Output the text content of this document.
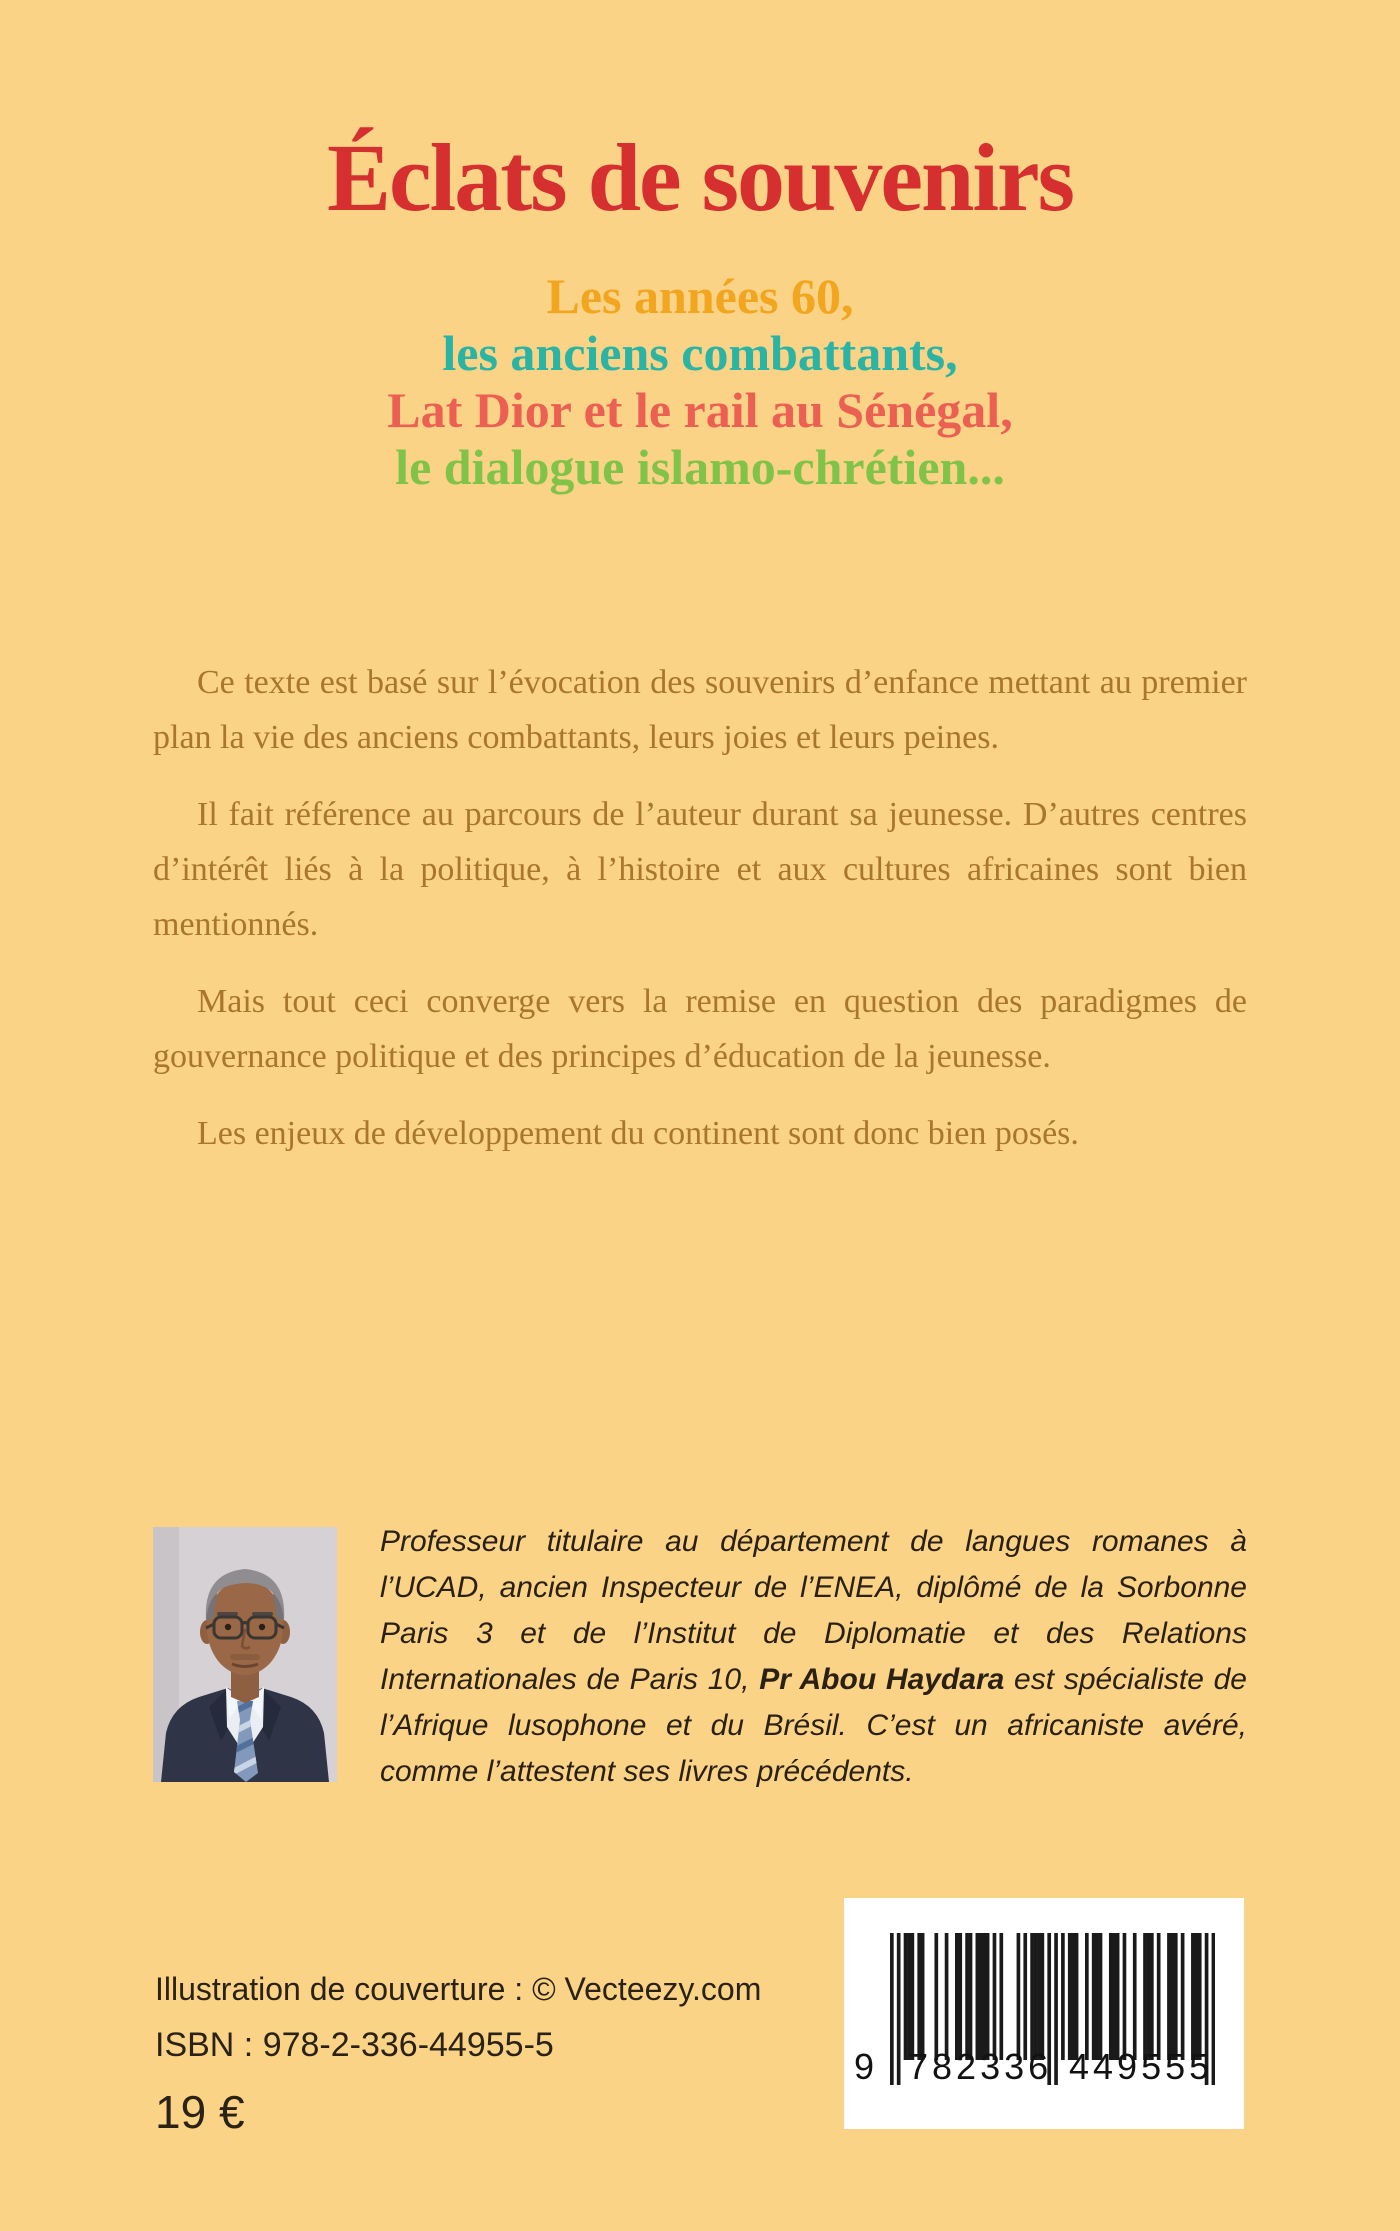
Éclats de souvenirs
Les années 60,
les anciens combattants,
Lat Dior et le rail au Sénégal,
le dialogue islamo-chrétien...

Ce texte est basé sur l’évocation des souvenirs d’enfance mettant au premier plan la vie des anciens combattants, leurs joies et leurs peines.

Il fait référence au parcours de l’auteur durant sa jeunesse. D’autres centres d’intérêt liés à la politique, à l’histoire et aux cultures africaines sont bien mentionnés.

Mais tout ceci converge vers la remise en question des paradigmes de gouvernance politique et des principes d’éducation de la jeunesse.

Les enjeux de développement du continent sont donc bien posés.

Professeur titulaire au département de langues romanes à l’UCAD, ancien Inspecteur de l’ENEA, diplômé de la Sorbonne Paris 3 et de l’Institut de Diplomatie et des Relations Internationales de Paris 10, Pr Abou Haydara est spécialiste de l’Afrique lusophone et du Brésil. C’est un africaniste avéré, comme l’attestent ses livres précédents.

Illustration de couverture : © Vecteezy.com
ISBN : 978-2-336-44955-5
19 €
9 782336 449555
